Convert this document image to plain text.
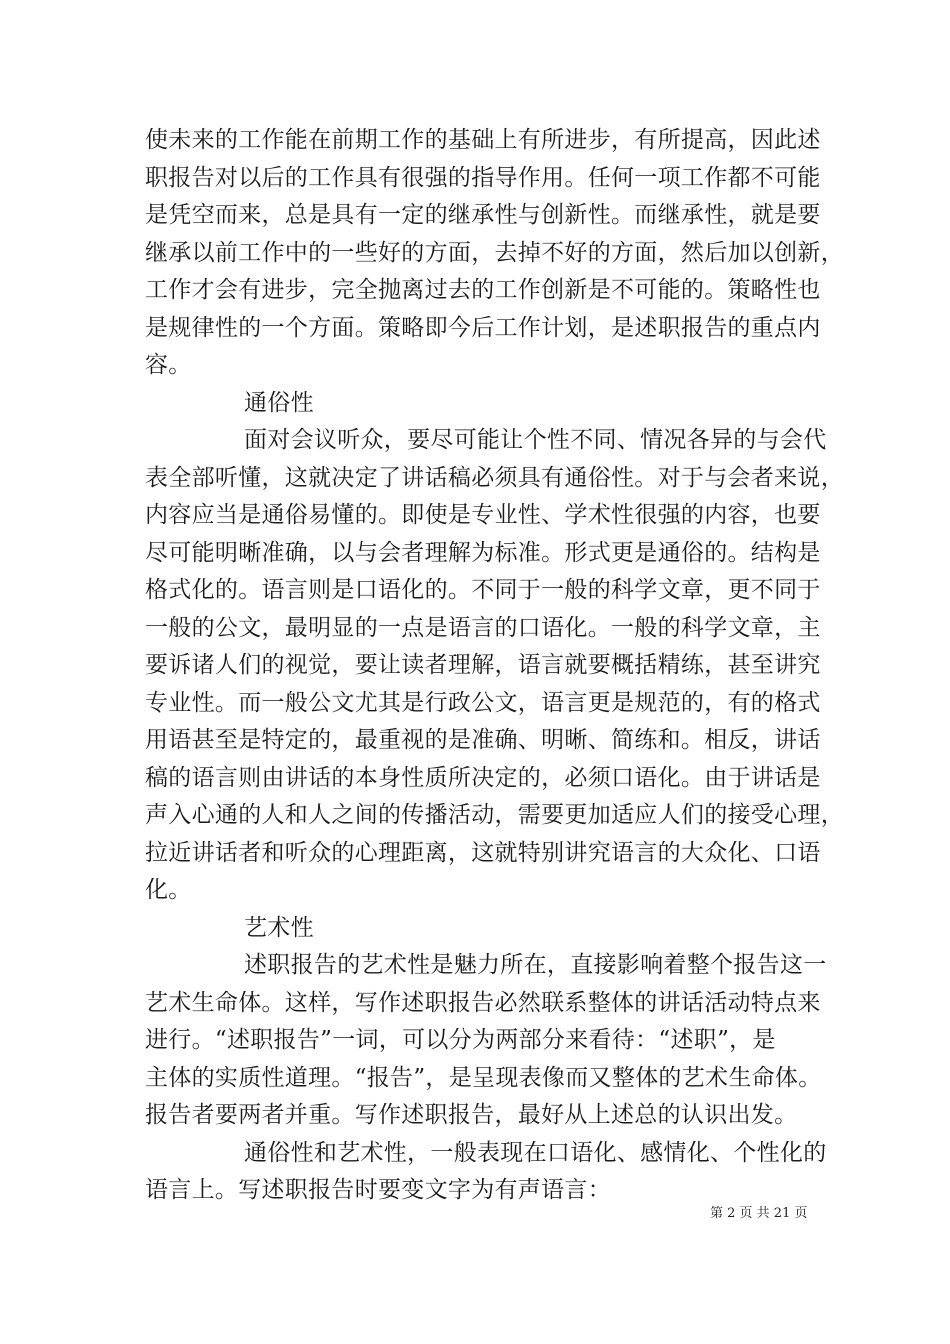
使未来的工作能在前期工作的基础上有所进步，有所提高，因此述
职报告对以后的工作具有很强的指导作用。任何一项工作都不可能
是凭空而来，总是具有一定的继承性与创新性。而继承性，就是要
继承以前工作中的一些好的方面，去掉不好的方面，然后加以创新，
工作才会有进步，完全抛离过去的工作创新是不可能的。策略性也
是规律性的一个方面。策略即今后工作计划，是述职报告的重点内
容。
通俗性
面对会议听众，要尽可能让个性不同、情况各异的与会代
表全部听懂，这就决定了讲话稿必须具有通俗性。对于与会者来说，
内容应当是通俗易懂的。即使是专业性、学术性很强的内容，也要
尽可能明晰准确，以与会者理解为标准。形式更是通俗的。结构是
格式化的。语言则是口语化的。不同于一般的科学文章，更不同于
一般的公文，最明显的一点是语言的口语化。一般的科学文章，主
要诉诸人们的视觉，要让读者理解，语言就要概括精练，甚至讲究
专业性。而一般公文尤其是行政公文，语言更是规范的，有的格式
用语甚至是特定的，最重视的是准确、明晰、简练和。相反，讲话
稿的语言则由讲话的本身性质所决定的，必须口语化。由于讲话是
声入心通的人和人之间的传播活动，需要更加适应人们的接受心理，
拉近讲话者和听众的心理距离，这就特别讲究语言的大众化、口语
化。
艺术性
述职报告的艺术性是魅力所在，直接影响着整个报告这一
艺术生命体。这样，写作述职报告必然联系整体的讲话活动特点来
进行。“述职报告”一词，可以分为两部分来看待：“述职”，是
主体的实质性道理。“报告”，是呈现表像而又整体的艺术生命体。
报告者要两者并重。写作述职报告，最好从上述总的认识出发。
通俗性和艺术性，一般表现在口语化、感情化、个性化的
语言上。写述职报告时要变文字为有声语言：
第 2 页 共 21 页
